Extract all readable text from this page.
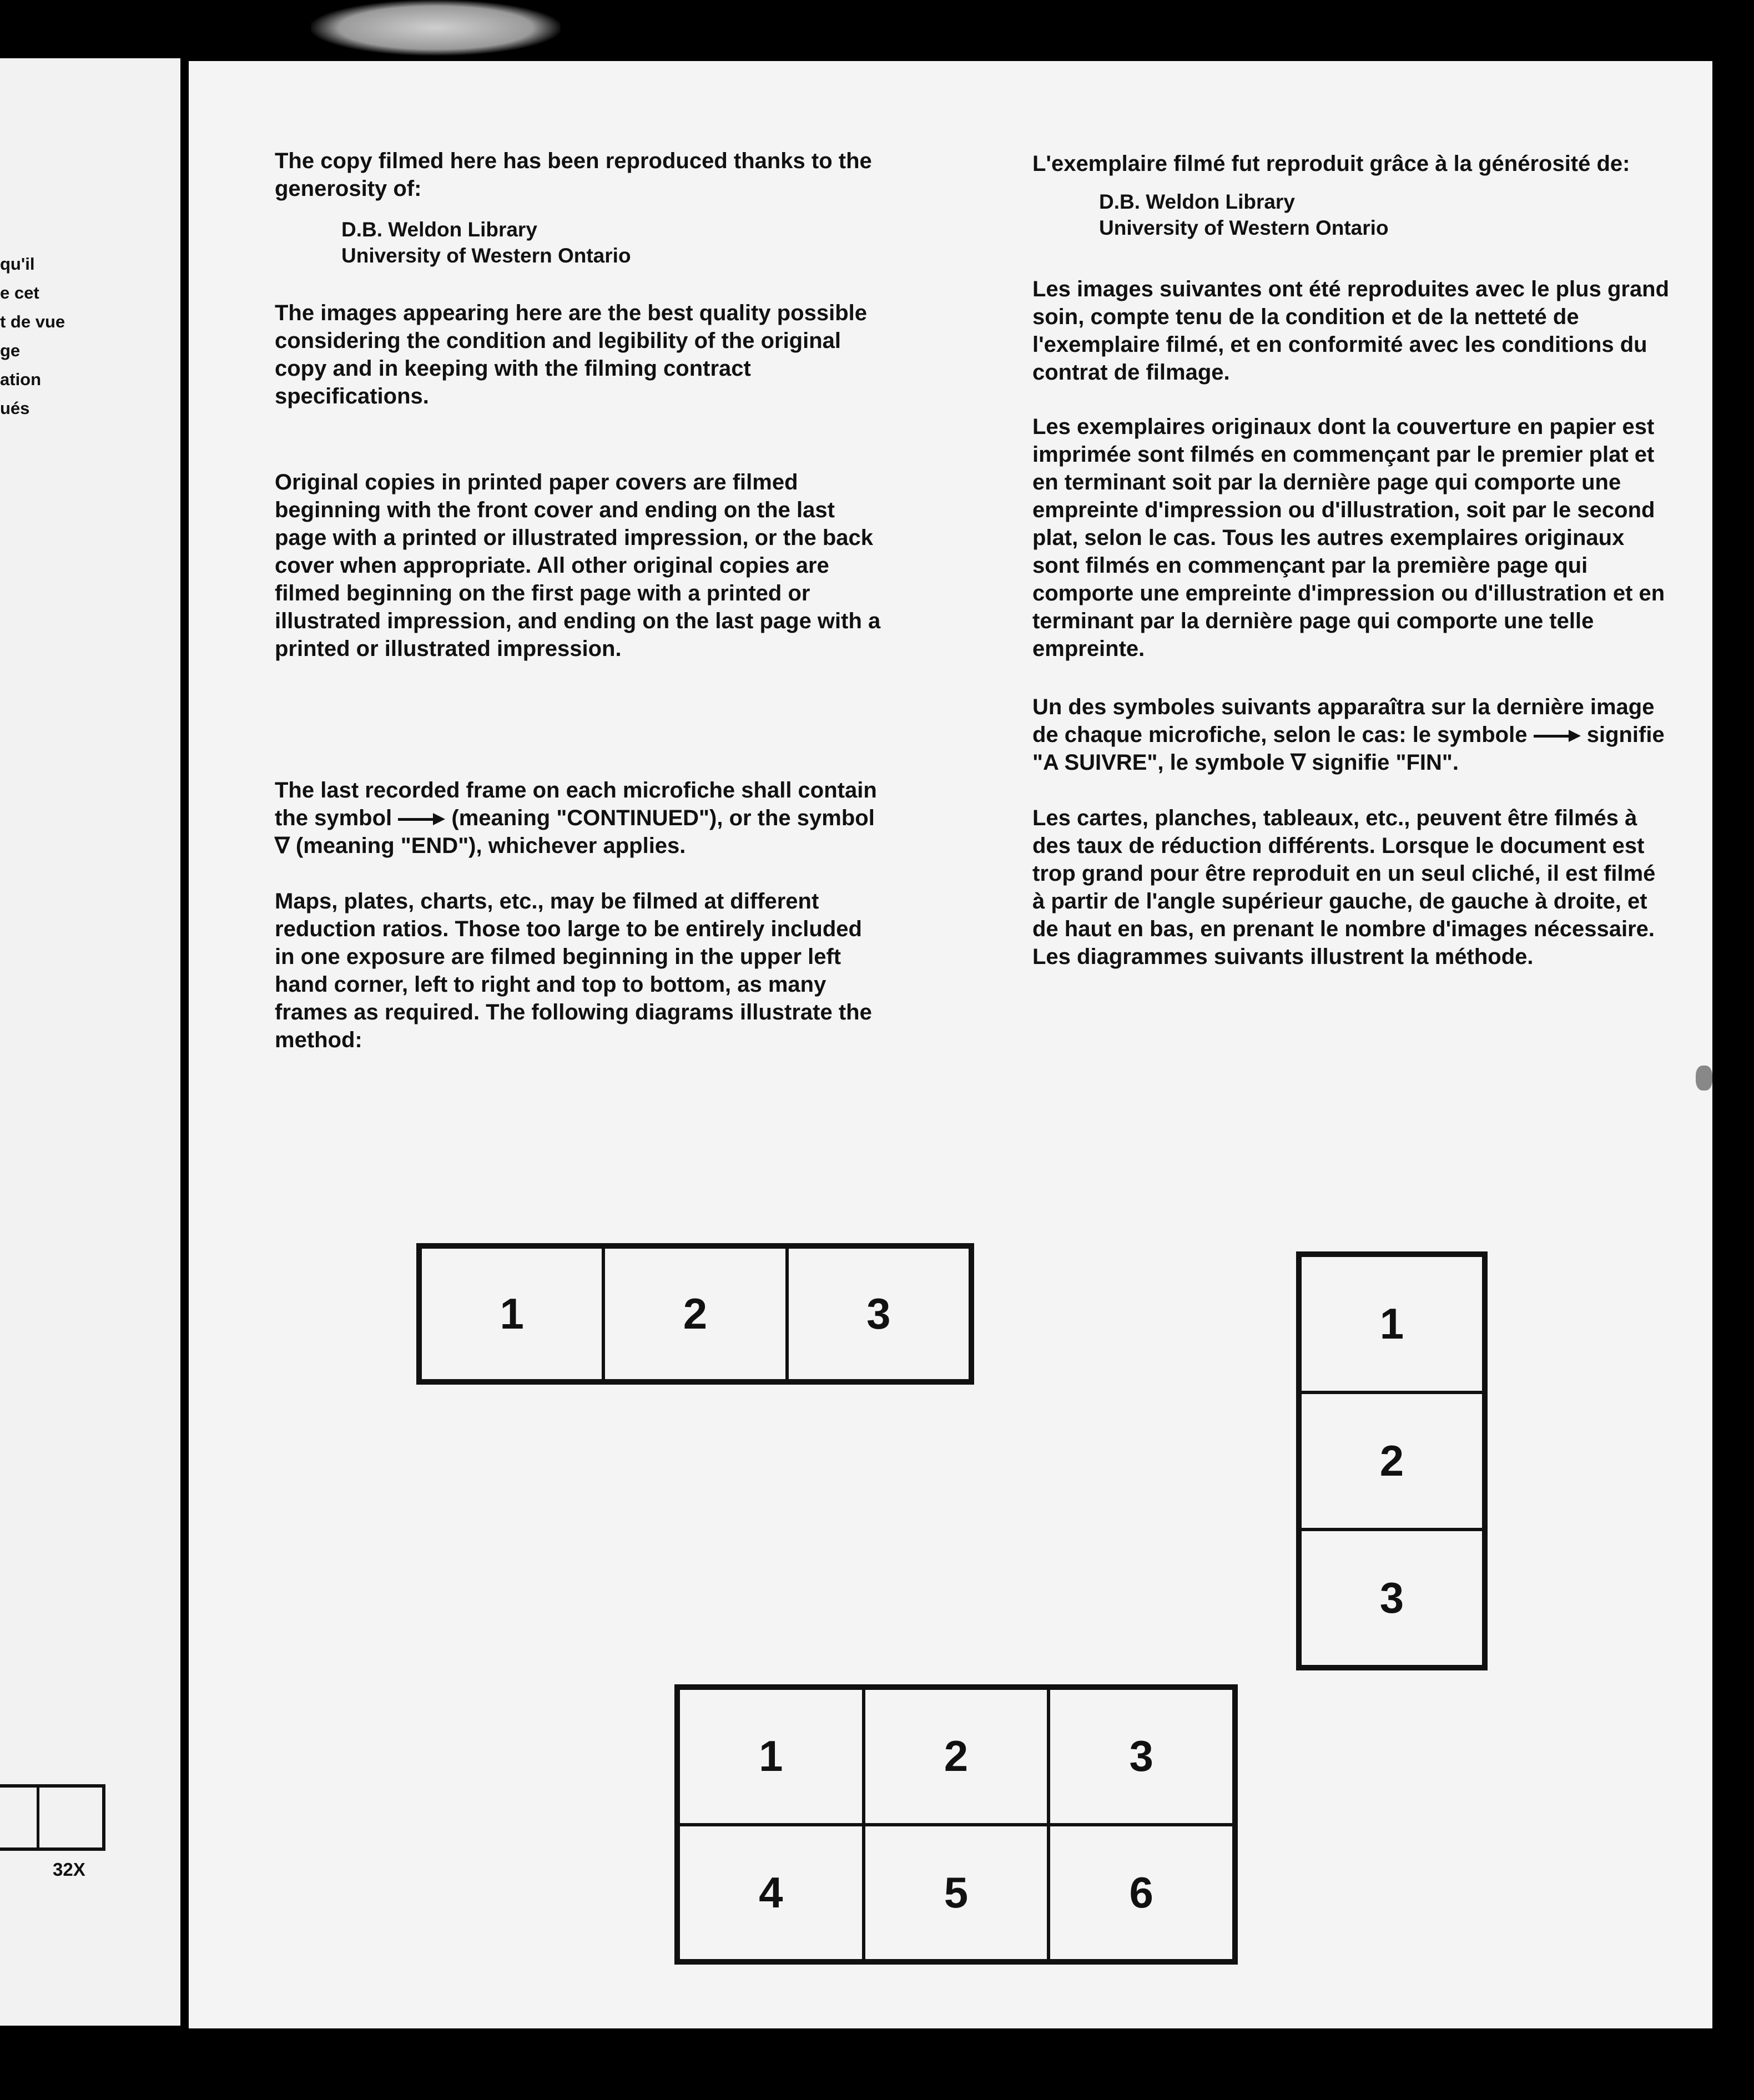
qu'il
e cet
t de vue
ge
ation
ués
32X

The copy filmed here has been reproduced thanks to the generosity of:

D.B. Weldon Library

University of Western Ontario

The images appearing here are the best quality possible considering the condition and legibility of the original copy and in keeping with the filming contract specifications.

Original copies in printed paper covers are filmed beginning with the front cover and ending on the last page with a printed or illustrated impression, or the back cover when appropriate. All other original copies are filmed beginning on the first page with a printed or illustrated impression, and ending on the last page with a printed or illustrated impression.

The last recorded frame on each microfiche shall contain the symbol	(meaning "CONTINUED"), or the symbol ∇ (meaning "END"), whichever applies.

Maps, plates, charts, etc., may be filmed at different reduction ratios. Those too large to be entirely included in one exposure are filmed beginning in the upper left hand corner, left to right and top to bottom, as many frames as required. The following diagrams illustrate the method:

L'exemplaire filmé fut reproduit grâce à la générosité de:

D.B. Weldon Library

University of Western Ontario

Les images suivantes ont été reproduites avec le plus grand soin, compte tenu de la condition et de la netteté de l'exemplaire filmé, et en conformité avec les conditions du contrat de filmage.

Les exemplaires originaux dont la couverture en papier est imprimée sont filmés en commençant par le premier plat et en terminant soit par la dernière page qui comporte une empreinte d'impression ou d'illustration, soit par le second plat, selon le cas. Tous les autres exemplaires originaux sont filmés en commençant par la première page qui comporte une empreinte d'impression ou d'illustration et en terminant par la dernière page qui comporte une telle empreinte.

Un des symboles suivants apparaîtra sur la dernière image de chaque microfiche, selon le cas: le symbole	signifie "A SUIVRE", le symbole ∇ signifie "FIN".

Les cartes, planches, tableaux, etc., peuvent être filmés à des taux de réduction différents. Lorsque le document est trop grand pour être reproduit en un seul cliché, il est filmé à partir de l'angle supérieur gauche, de gauche à droite, et de haut en bas, en prenant le nombre d'images nécessaire. Les diagrammes suivants illustrent la méthode.

1	2	3	1
2
3
1	2	3
4	5	6
